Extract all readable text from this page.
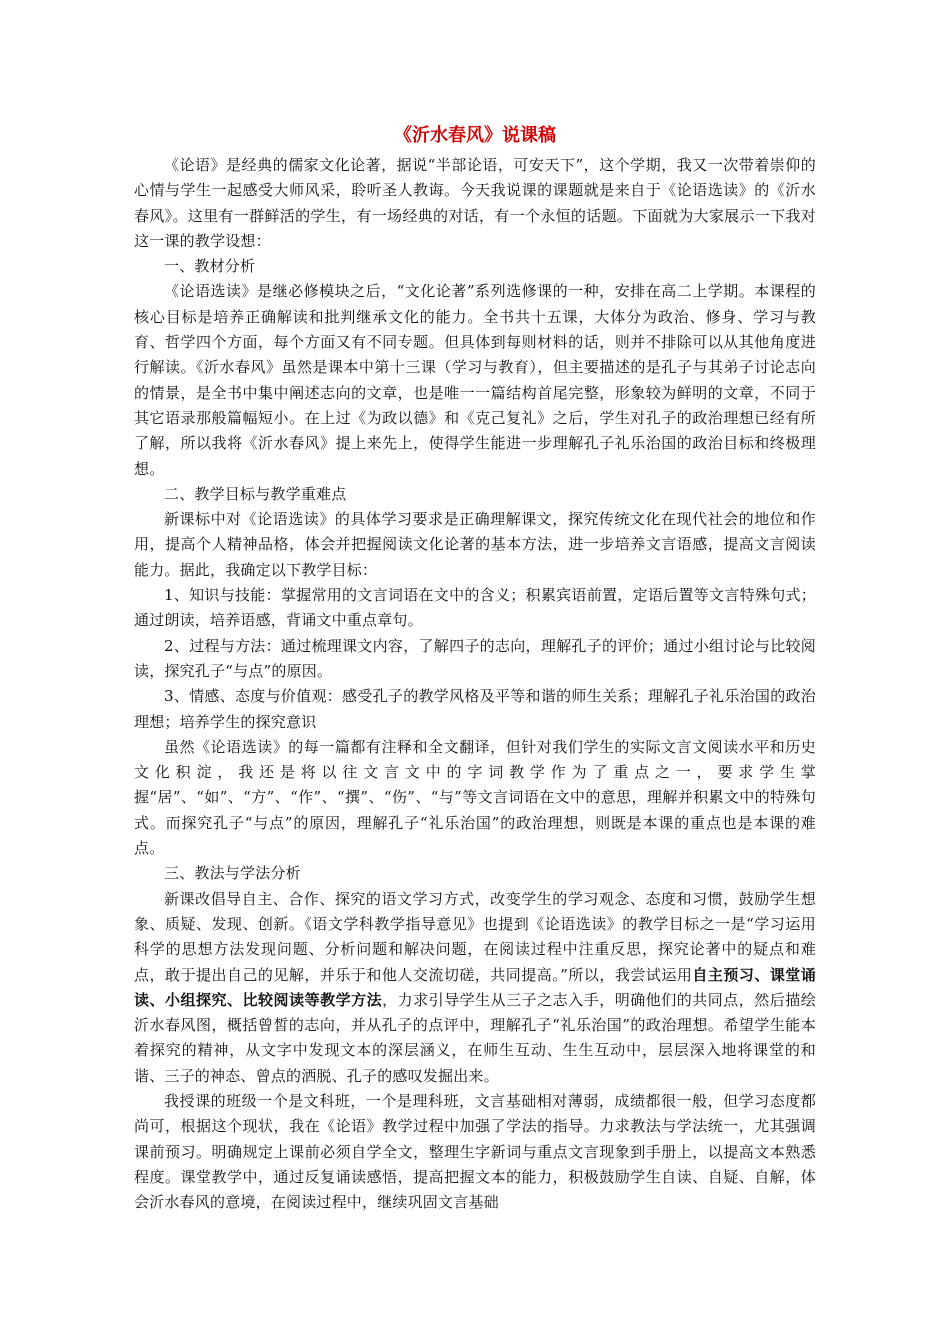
《沂水春风》说课稿

《论语》是经典的儒家文化论著，据说“半部论语，可安天下”，这个学期，我又一次带着崇仰的心情与学生一起感受大师风采，聆听圣人教诲。今天我说课的课题就是来自于《论语选读》的《沂水春风》。这里有一群鲜活的学生，有一场经典的对话，有一个永恒的话题。下面就为大家展示一下我对这一课的教学设想：

一、教材分析

《论语选读》是继必修模块之后，“文化论著”系列选修课的一种，安排在高二上学期。本课程的核心目标是培养正确解读和批判继承文化的能力。全书共十五课，大体分为政治、修身、学习与教育、哲学四个方面，每个方面又有不同专题。但具体到每则材料的话，则并不排除可以从其他角度进行解读。《沂水春风》虽然是课本中第十三课（学习与教育），但主要描述的是孔子与其弟子讨论志向的情景，是全书中集中阐述志向的文章，也是唯一一篇结构首尾完整，形象较为鲜明的文章，不同于其它语录那般篇幅短小。在上过《为政以德》和《克己复礼》之后，学生对孔子的政治理想已经有所了解，所以我将《沂水春风》提上来先上，使得学生能进一步理解孔子礼乐治国的政治目标和终极理想。

二、教学目标与教学重难点

新课标中对《论语选读》的具体学习要求是正确理解课文，探究传统文化在现代社会的地位和作用，提高个人精神品格，体会并把握阅读文化论著的基本方法，进一步培养文言语感，提高文言阅读能力。据此，我确定以下教学目标：

1、知识与技能：掌握常用的文言词语在文中的含义；积累宾语前置，定语后置等文言特殊句式；通过朗读，培养语感，背诵文中重点章句。

2、过程与方法：通过梳理课文内容，了解四子的志向，理解孔子的评价；通过小组讨论与比较阅读，探究孔子“与点”的原因。

3、情感、态度与价值观：感受孔子的教学风格及平等和谐的师生关系；理解孔子礼乐治国的政治理想；培养学生的探究意识

虽然《论语选读》的每一篇都有注释和全文翻译，但针对我们学生的实际文言文阅读水平和历史文化积淀，我还是将以往文言文中的字词教学作为了重点之一，要求学生掌握“居”、“如”、“方”、“作”、“撰”、“伤”、“与”等文言词语在文中的意思，理解并积累文中的特殊句式。而探究孔子“与点”的原因，理解孔子“礼乐治国”的政治理想，则既是本课的重点也是本课的难点。

三、教法与学法分析

新课改倡导自主、合作、探究的语文学习方式，改变学生的学习观念、态度和习惯，鼓励学生想象、质疑、发现、创新。《语文学科教学指导意见》也提到《论语选读》的教学目标之一是“学习运用科学的思想方法发现问题、分析问题和解决问题，在阅读过程中注重反思，探究论著中的疑点和难点，敢于提出自己的见解，并乐于和他人交流切磋，共同提高。”所以，我尝试运用自主预习、课堂诵读、小组探究、比较阅读等教学方法，力求引导学生从三子之志入手，明确他们的共同点，然后描绘沂水春风图，概括曾皙的志向，并从孔子的点评中，理解孔子“礼乐治国”的政治理想。希望学生能本着探究的精神，从文字中发现文本的深层涵义，在师生互动、生生互动中，层层深入地将课堂的和谐、三子的神态、曾点的洒脱、孔子的感叹发掘出来。

我授课的班级一个是文科班，一个是理科班，文言基础相对薄弱，成绩都很一般，但学习态度都尚可，根据这个现状，我在《论语》教学过程中加强了学法的指导。力求教法与学法统一，尤其强调课前预习。明确规定上课前必须自学全文，整理生字新词与重点文言现象到手册上，以提高文本熟悉程度。课堂教学中，通过反复诵读感悟，提高把握文本的能力，积极鼓励学生自读、自疑、自解，体会沂水春风的意境，在阅读过程中，继续巩固文言基础
